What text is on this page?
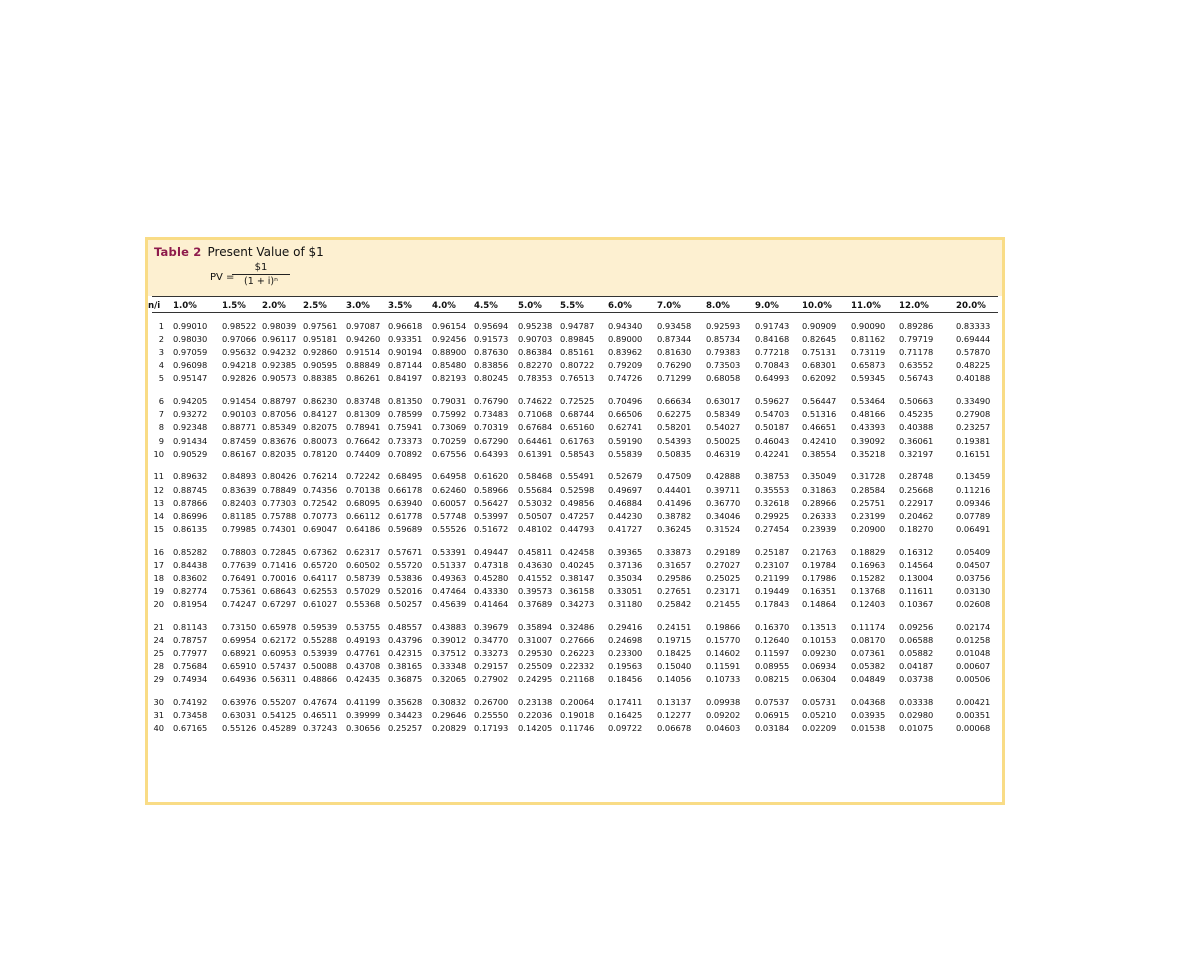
Table 2 Present Value of $1
PV =
$\frac{\$1}{\text{(1 + i)ⁿ}}$
n/i 1.0%	1.5% 2.0% 2.5% 3.0% 3.5% 4.0% 4.5% 5.0% 5.5%	6.0%	7.0%	8.0%	9.0%	10.0% 11.0% 12.0%	20.0%
1 0.99010 0.98522 0.98039 0.97561 0.97087 0.96618 0.96154 0.95694 0.95238 0.94787 0.94340 0.93458 0.92593 0.91743 0.90909 0.90090 0.89286	0.83333
2 0.98030 0.97066 0.96117 0.95181 0.94260 0.93351 0.92456 0.91573 0.90703 0.89845 0.89000 0.87344 0.85734 0.84168 0.82645 0.81162 0.79719	0.69444
3 0.97059 0.95632 0.94232 0.92860 0.91514 0.90194 0.88900 0.87630 0.86384 0.85161 0.83962 0.81630 0.79383 0.77218 0.75131 0.73119 0.71178	0.57870
4 0.96098 0.94218 0.92385 0.90595 0.88849 0.87144 0.85480 0.83856 0.82270 0.80722 0.79209 0.76290 0.73503 0.70843 0.68301 0.65873 0.63552	0.48225
5 0.95147 0.92826 0.90573 0.88385 0.86261 0.84197 0.82193 0.80245 0.78353 0.76513 0.74726 0.71299 0.68058 0.64993 0.62092 0.59345 0.56743	0.40188
6 0.94205 0.91454 0.88797 0.86230 0.83748 0.81350 0.79031 0.76790 0.74622 0.72525 0.70496 0.66634 0.63017 0.59627 0.56447 0.53464 0.50663	0.33490
7 0.93272 0.90103 0.87056 0.84127 0.81309 0.78599 0.75992 0.73483 0.71068 0.68744 0.66506 0.62275 0.58349 0.54703 0.51316 0.48166 0.45235	0.27908
8 0.92348 0.88771 0.85349 0.82075 0.78941 0.75941 0.73069 0.70319 0.67684 0.65160 0.62741 0.58201 0.54027 0.50187 0.46651 0.43393 0.40388	0.23257
9 0.91434 0.87459 0.83676 0.80073 0.76642 0.73373 0.70259 0.67290 0.64461 0.61763 0.59190 0.54393 0.50025 0.46043 0.42410 0.39092 0.36061	0.19381
10 0.90529 0.86167 0.82035 0.78120 0.74409 0.70892 0.67556 0.64393 0.61391 0.58543 0.55839 0.50835 0.46319 0.42241 0.38554 0.35218 0.32197	0.16151
11 0.89632 0.84893 0.80426 0.76214 0.72242 0.68495 0.64958 0.61620 0.58468 0.55491 0.52679 0.47509 0.42888 0.38753 0.35049 0.31728 0.28748	0.13459
12 0.88745 0.83639 0.78849 0.74356 0.70138 0.66178 0.62460 0.58966 0.55684 0.52598 0.49697 0.44401 0.39711 0.35553 0.31863 0.28584 0.25668	0.11216
13 0.87866 0.82403 0.77303 0.72542 0.68095 0.63940 0.60057 0.56427 0.53032 0.49856 0.46884 0.41496 0.36770 0.32618 0.28966 0.25751 0.22917	0.09346
14 0.86996 0.81185 0.75788 0.70773 0.66112 0.61778 0.57748 0.53997 0.50507 0.47257 0.44230 0.38782 0.34046 0.29925 0.26333 0.23199 0.20462	0.07789
15 0.86135 0.79985 0.74301 0.69047 0.64186 0.59689 0.55526 0.51672 0.48102 0.44793 0.41727 0.36245 0.31524 0.27454 0.23939 0.20900 0.18270	0.06491
16 0.85282 0.78803 0.72845 0.67362 0.62317 0.57671 0.53391 0.49447 0.45811 0.42458 0.39365 0.33873 0.29189 0.25187 0.21763 0.18829 0.16312	0.05409
17 0.84438 0.77639 0.71416 0.65720 0.60502 0.55720 0.51337 0.47318 0.43630 0.40245 0.37136 0.31657 0.27027 0.23107 0.19784 0.16963 0.14564	0.04507
18 0.83602 0.76491 0.70016 0.64117 0.58739 0.53836 0.49363 0.45280 0.41552 0.38147 0.35034 0.29586 0.25025 0.21199 0.17986 0.15282 0.13004	0.03756
19 0.82774 0.75361 0.68643 0.62553 0.57029 0.52016 0.47464 0.43330 0.39573 0.36158 0.33051 0.27651 0.23171 0.19449 0.16351 0.13768 0.11611	0.03130
20 0.81954 0.74247 0.67297 0.61027 0.55368 0.50257 0.45639 0.41464 0.37689 0.34273 0.31180 0.25842 0.21455 0.17843 0.14864 0.12403 0.10367	0.02608
21 0.81143 0.73150 0.65978 0.59539 0.53755 0.48557 0.43883 0.39679 0.35894 0.32486 0.29416 0.24151 0.19866 0.16370 0.13513 0.11174 0.09256	0.02174
24 0.78757 0.69954 0.62172 0.55288 0.49193 0.43796 0.39012 0.34770 0.31007 0.27666 0.24698 0.19715 0.15770 0.12640 0.10153 0.08170 0.06588	0.01258
25 0.77977 0.68921 0.60953 0.53939 0.47761 0.42315 0.37512 0.33273 0.29530 0.26223 0.23300 0.18425 0.14602 0.11597 0.09230 0.07361 0.05882	0.01048
28 0.75684 0.65910 0.57437 0.50088 0.43708 0.38165 0.33348 0.29157 0.25509 0.22332 0.19563 0.15040 0.11591 0.08955 0.06934 0.05382 0.04187	0.00607
29 0.74934 0.64936 0.56311 0.48866 0.42435 0.36875 0.32065 0.27902 0.24295 0.21168 0.18456 0.14056 0.10733 0.08215 0.06304 0.04849 0.03738	0.00506
30 0.74192 0.63976 0.55207 0.47674 0.41199 0.35628 0.30832 0.26700 0.23138 0.20064 0.17411 0.13137 0.09938 0.07537 0.05731 0.04368 0.03338	0.00421
31 0.73458 0.63031 0.54125 0.46511 0.39999 0.34423 0.29646 0.25550 0.22036 0.19018 0.16425 0.12277 0.09202 0.06915 0.05210 0.03935 0.02980	0.00351
40 0.67165 0.55126 0.45289 0.37243 0.30656 0.25257 0.20829 0.17193 0.14205 0.11746 0.09722 0.06678 0.04603 0.03184 0.02209 0.01538 0.01075	0.00068
